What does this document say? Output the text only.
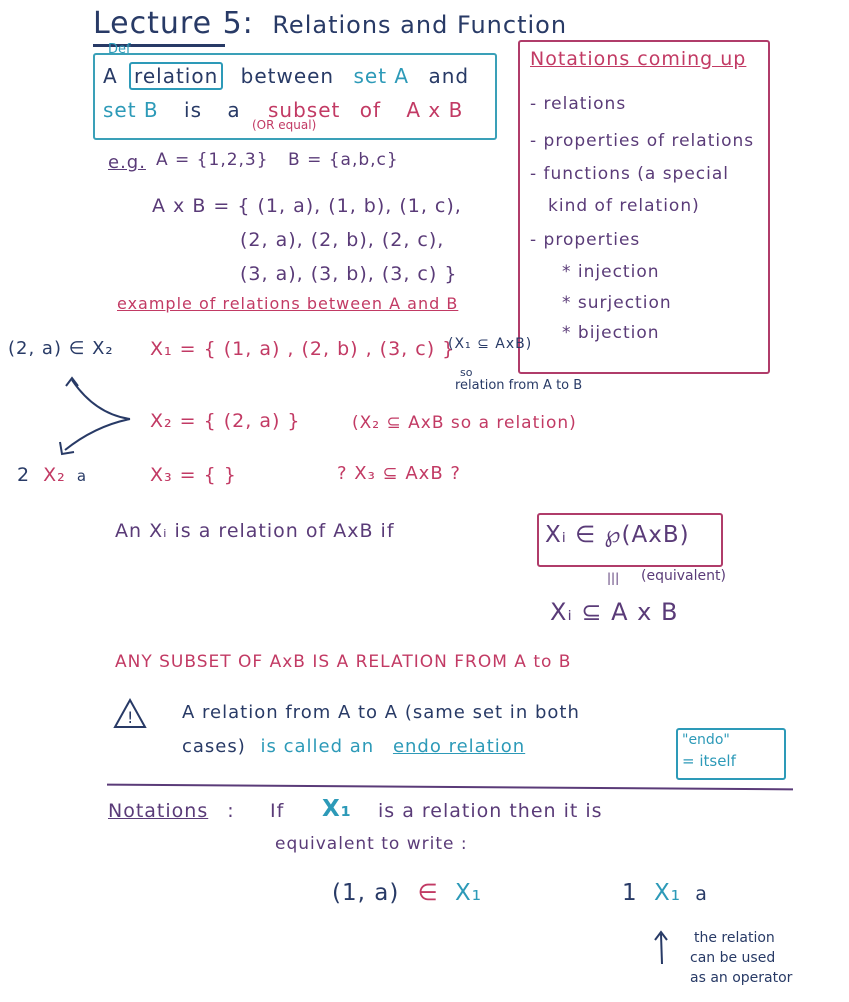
Lecture 5: Relations and Function
Def
A relation between set A and
set B is a subset of A x B
(OR equal)
Notations coming up
- relations
- properties of relations
- functions (a special
kind of relation)
- properties
* injection
* surjection
* bijection
e.g. A = {1,2,3} B = {a,b,c}
A x B = { (1, a), (1, b), (1, c),
(2, a), (2, b), (2, c),
(3, a), (3, b), (3, c) }
example of relations between A and B
(2, a) ∈ X₂ X₁ = { (1, a) , (2, b) , (3, c) }
(X₁ ⊆ AxB)
so
relation from A to B
X₂ = { (2, a) }	(X₂ ⊆ AxB so a relation)
2 X₂ a	X₃ = { }	? X₃ ⊆ AxB ?
An Xᵢ is a relation of AxB if	Xᵢ ∈ ℘(AxB)
||| (equivalent)
Xᵢ ⊆ A x B
ANY SUBSET OF AxB IS A RELATION FROM A to B
!	A relation from A to A (same set in both
cases) is called an endo relation	"endo"
= itself
Notations : If X₁ is a relation then it is
equivalent to write :
(1, a) ∈ X₁	1 X₁ a
the relation
can be used
as an operator
